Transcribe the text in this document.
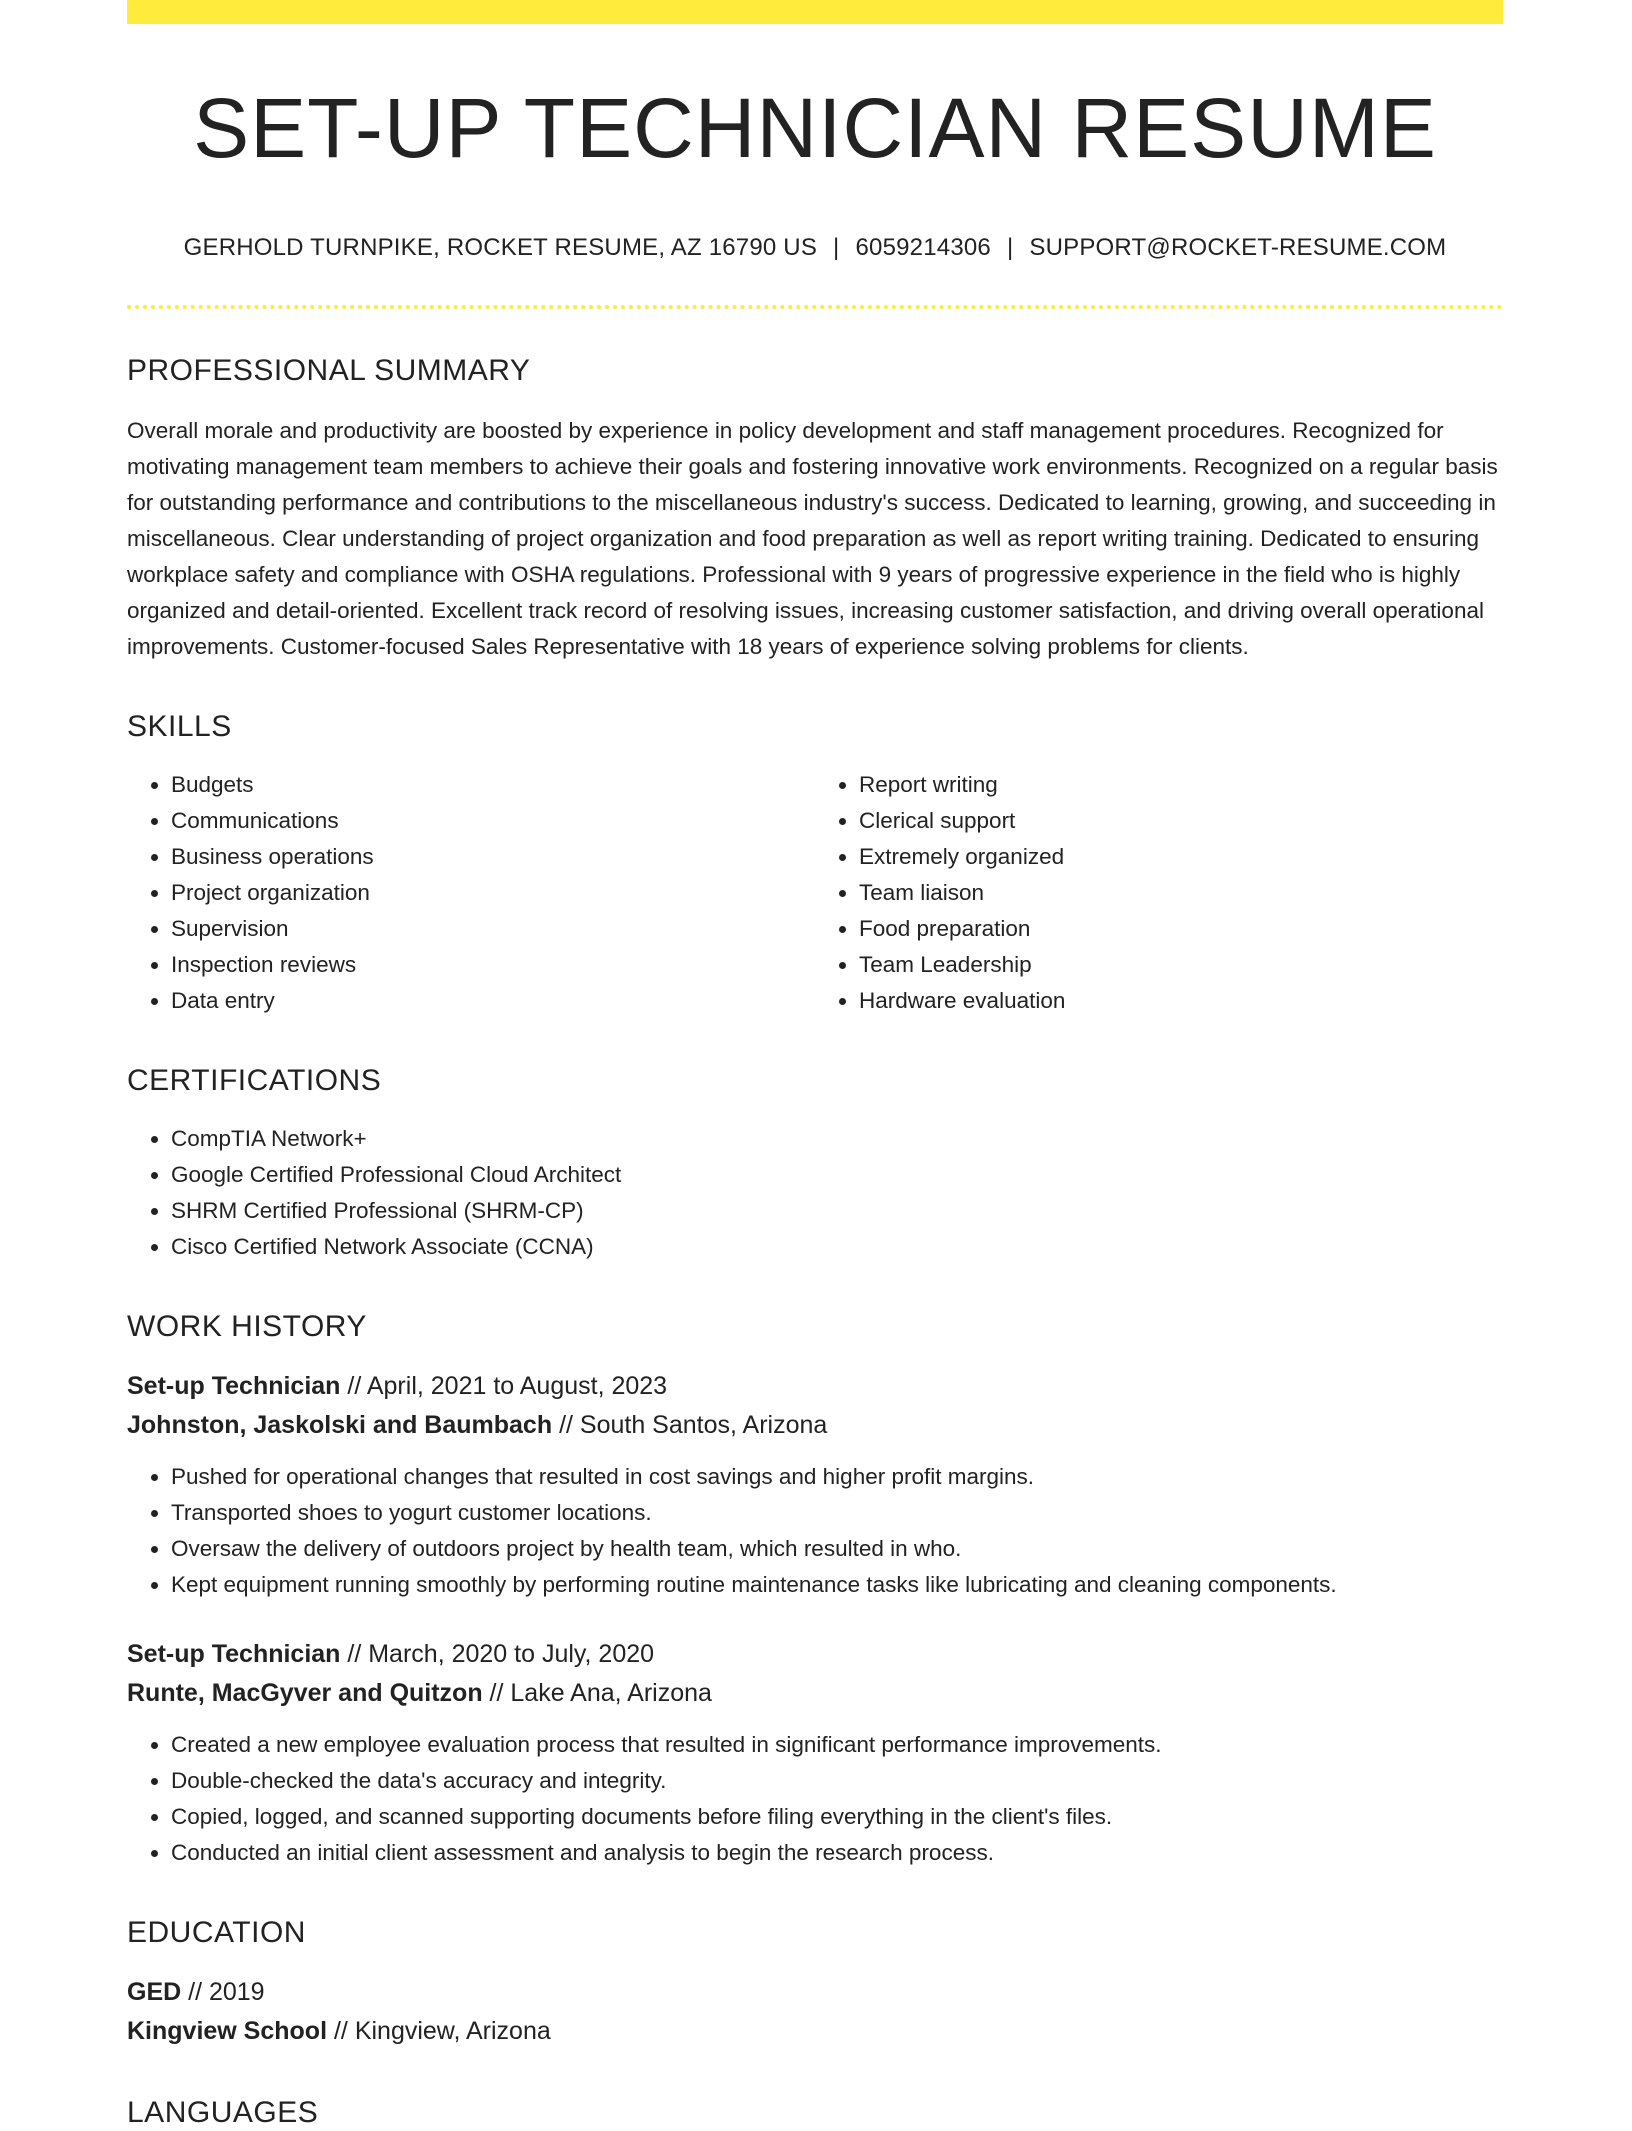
SET-UP TECHNICIAN RESUME
GERHOLD TURNPIKE, ROCKET RESUME, AZ 16790 US | 6059214306 | SUPPORT@ROCKET-RESUME.COM
PROFESSIONAL SUMMARY
Overall morale and productivity are boosted by experience in policy development and staff management procedures. Recognized for motivating management team members to achieve their goals and fostering innovative work environments. Recognized on a regular basis for outstanding performance and contributions to the miscellaneous industry's success. Dedicated to learning, growing, and succeeding in miscellaneous. Clear understanding of project organization and food preparation as well as report writing training. Dedicated to ensuring workplace safety and compliance with OSHA regulations. Professional with 9 years of progressive experience in the field who is highly organized and detail-oriented. Excellent track record of resolving issues, increasing customer satisfaction, and driving overall operational improvements. Customer-focused Sales Representative with 18 years of experience solving problems for clients.
SKILLS
• Budgets
• Communications
• Business operations
• Project organization
• Supervision
• Inspection reviews
• Data entry
• Report writing
• Clerical support
• Extremely organized
• Team liaison
• Food preparation
• Team Leadership
• Hardware evaluation
CERTIFICATIONS
• CompTIA Network+
• Google Certified Professional Cloud Architect
• SHRM Certified Professional (SHRM-CP)
• Cisco Certified Network Associate (CCNA)
WORK HISTORY
Set-up Technician // April, 2021 to August, 2023
Johnston, Jaskolski and Baumbach // South Santos, Arizona
• Pushed for operational changes that resulted in cost savings and higher profit margins.
• Transported shoes to yogurt customer locations.
• Oversaw the delivery of outdoors project by health team, which resulted in who.
• Kept equipment running smoothly by performing routine maintenance tasks like lubricating and cleaning components.
Set-up Technician // March, 2020 to July, 2020
Runte, MacGyver and Quitzon // Lake Ana, Arizona
• Created a new employee evaluation process that resulted in significant performance improvements.
• Double-checked the data's accuracy and integrity.
• Copied, logged, and scanned supporting documents before filing everything in the client's files.
• Conducted an initial client assessment and analysis to begin the research process.
EDUCATION
GED // 2019
Kingview School // Kingview, Arizona
LANGUAGES
